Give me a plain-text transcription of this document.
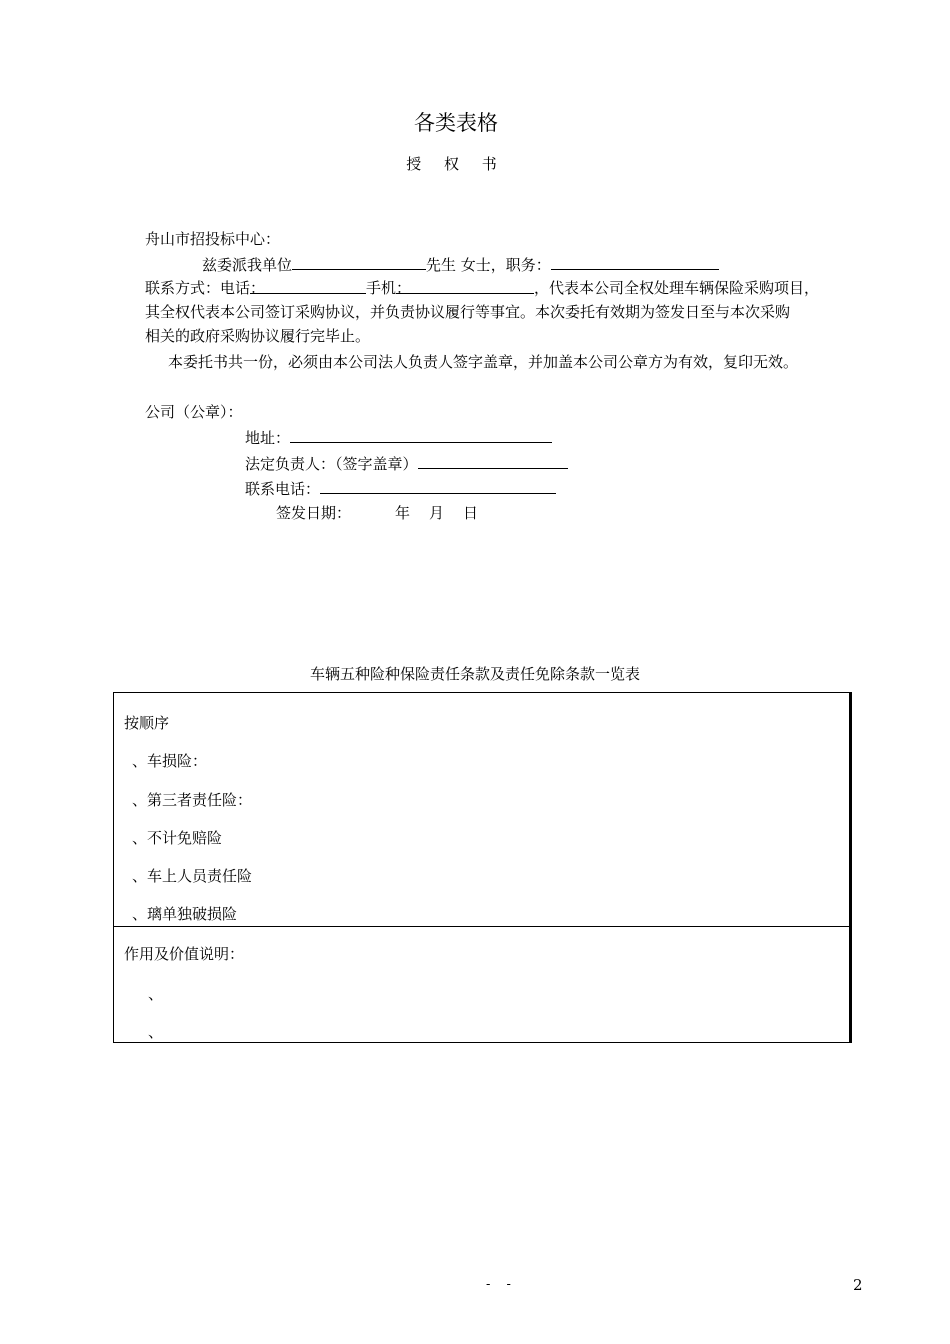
各类表格
授 权 书
舟山市招投标中心：
兹委派我单位	先生 女士，职务：
联系方式：电话：	手机：	，代表本公司全权处理车辆保险采购项目，
其全权代表本公司签订采购协议，并负责协议履行等事宜。本次委托有效期为签发日至与本次采购
相关的政府采购协议履行完毕止。
本委托书共一份，必须由本公司法人负责人签字盖章，并加盖本公司公章方为有效，复印无效。
公司（公章）：
地址：
法定负责人：（签字盖章）
联系电话：
签发日期：	年 月 日
车辆五种险种保险责任条款及责任免除条款一览表
按顺序
、车损险：
、第三者责任险：
、不计免赔险
、车上人员责任险
、璃单独破损险
作用及价值说明：
、
、
- -	2
